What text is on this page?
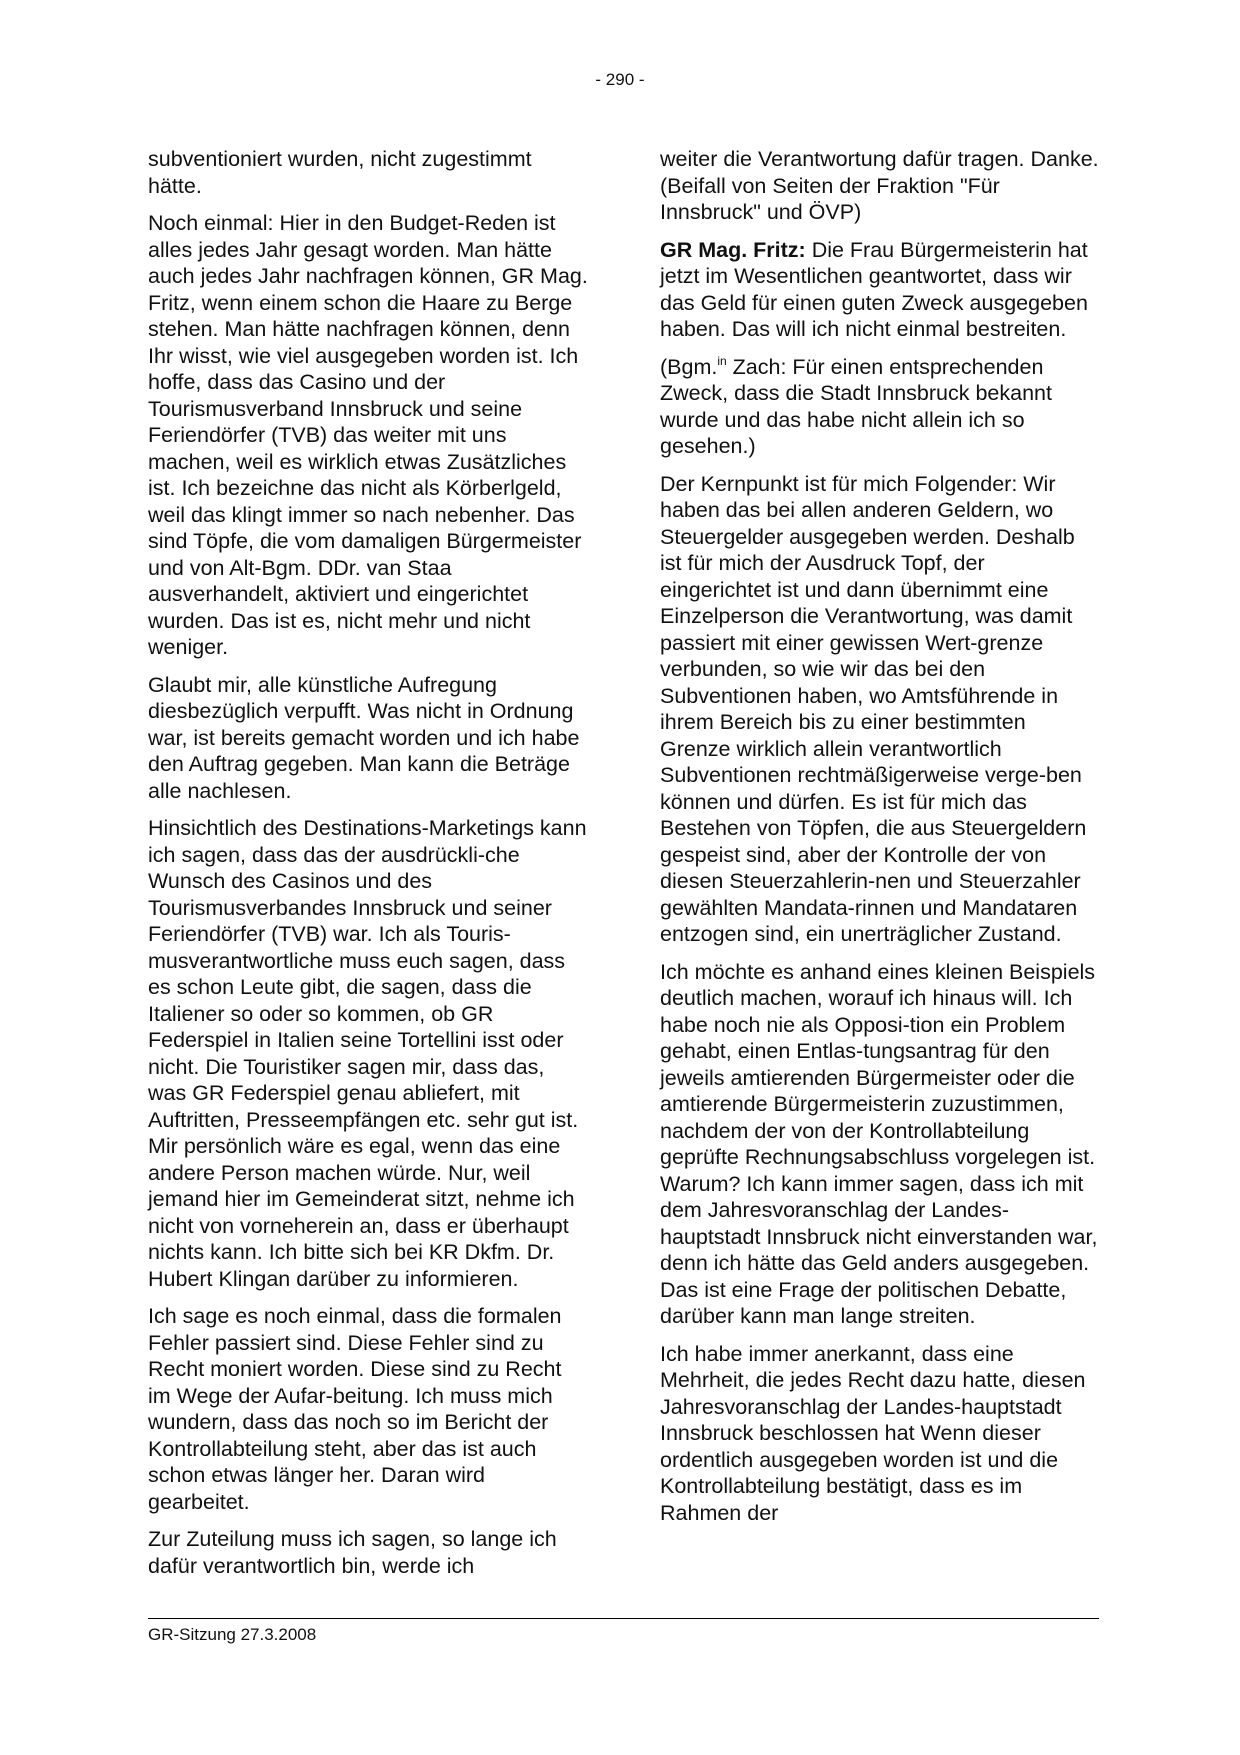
- 290 -

subventioniert wurden, nicht zugestimmt hätte.

Noch einmal: Hier in den Budget-Reden ist alles jedes Jahr gesagt worden. Man hätte auch jedes Jahr nachfragen können, GR Mag. Fritz, wenn einem schon die Haare zu Berge stehen. Man hätte nachfragen können, denn Ihr wisst, wie viel ausgegeben worden ist. Ich hoffe, dass das Casino und der Tourismusverband Innsbruck und seine Feriendörfer (TVB) das weiter mit uns machen, weil es wirklich etwas Zusätzliches ist. Ich bezeichne das nicht als Körberlgeld, weil das klingt immer so nach nebenher. Das sind Töpfe, die vom damaligen Bürgermeister und von Alt-Bgm. DDr. van Staa ausverhandelt, aktiviert und eingerichtet wurden. Das ist es, nicht mehr und nicht weniger.

Glaubt mir, alle künstliche Aufregung diesbezüglich verpufft. Was nicht in Ordnung war, ist bereits gemacht worden und ich habe den Auftrag gegeben. Man kann die Beträge alle nachlesen.

Hinsichtlich des Destinations-Marketings kann ich sagen, dass das der ausdrückli-che Wunsch des Casinos und des Tourismusverbandes Innsbruck und seiner Feriendörfer (TVB) war. Ich als Touris-musverantwortliche muss euch sagen, dass es schon Leute gibt, die sagen, dass die Italiener so oder so kommen, ob GR Federspiel in Italien seine Tortellini isst oder nicht. Die Touristiker sagen mir, dass das, was GR Federspiel genau abliefert, mit Auftritten, Presseempfängen etc. sehr gut ist. Mir persönlich wäre es egal, wenn das eine andere Person machen würde. Nur, weil jemand hier im Gemeinderat sitzt, nehme ich nicht von vorneherein an, dass er überhaupt nichts kann. Ich bitte sich bei KR Dkfm. Dr. Hubert Klingan darüber zu informieren.

Ich sage es noch einmal, dass die formalen Fehler passiert sind. Diese Fehler sind zu Recht moniert worden. Diese sind zu Recht im Wege der Aufar-beitung. Ich muss mich wundern, dass das noch so im Bericht der Kontrollabteilung steht, aber das ist auch schon etwas länger her. Daran wird gearbeitet.

Zur Zuteilung muss ich sagen, so lange ich dafür verantwortlich bin, werde ich

weiter die Verantwortung dafür tragen. Danke. (Beifall von Seiten der Fraktion "Für Innsbruck" und ÖVP)

GR Mag. Fritz: Die Frau Bürgermeisterin hat jetzt im Wesentlichen geantwortet, dass wir das Geld für einen guten Zweck ausgegeben haben. Das will ich nicht einmal bestreiten.

(Bgm.$^{in}$ Zach: Für einen entsprechenden Zweck, dass die Stadt Innsbruck bekannt wurde und das habe nicht allein ich so gesehen.)

Der Kernpunkt ist für mich Folgender: Wir haben das bei allen anderen Geldern, wo Steuergelder ausgegeben werden. Deshalb ist für mich der Ausdruck Topf, der eingerichtet ist und dann übernimmt eine Einzelperson die Verantwortung, was damit passiert mit einer gewissen Wert-grenze verbunden, so wie wir das bei den Subventionen haben, wo Amtsführende in ihrem Bereich bis zu einer bestimmten Grenze wirklich allein verantwortlich Subventionen rechtmäßigerweise verge-ben können und dürfen. Es ist für mich das Bestehen von Töpfen, die aus Steuergeldern gespeist sind, aber der Kontrolle der von diesen Steuerzahlerin-nen und Steuerzahler gewählten Mandata-rinnen und Mandataren entzogen sind, ein unerträglicher Zustand.

Ich möchte es anhand eines kleinen Beispiels deutlich machen, worauf ich hinaus will. Ich habe noch nie als Opposi-tion ein Problem gehabt, einen Entlas-tungsantrag für den jeweils amtierenden Bürgermeister oder die amtierende Bürgermeisterin zuzustimmen, nachdem der von der Kontrollabteilung geprüfte Rechnungsabschluss vorgelegen ist. Warum? Ich kann immer sagen, dass ich mit dem Jahresvoranschlag der Landes-hauptstadt Innsbruck nicht einverstanden war, denn ich hätte das Geld anders ausgegeben. Das ist eine Frage der politischen Debatte, darüber kann man lange streiten.

Ich habe immer anerkannt, dass eine Mehrheit, die jedes Recht dazu hatte, diesen Jahresvoranschlag der Landes-hauptstadt Innsbruck beschlossen hat Wenn dieser ordentlich ausgegeben worden ist und die Kontrollabteilung bestätigt, dass es im Rahmen der

GR-Sitzung 27.3.2008
